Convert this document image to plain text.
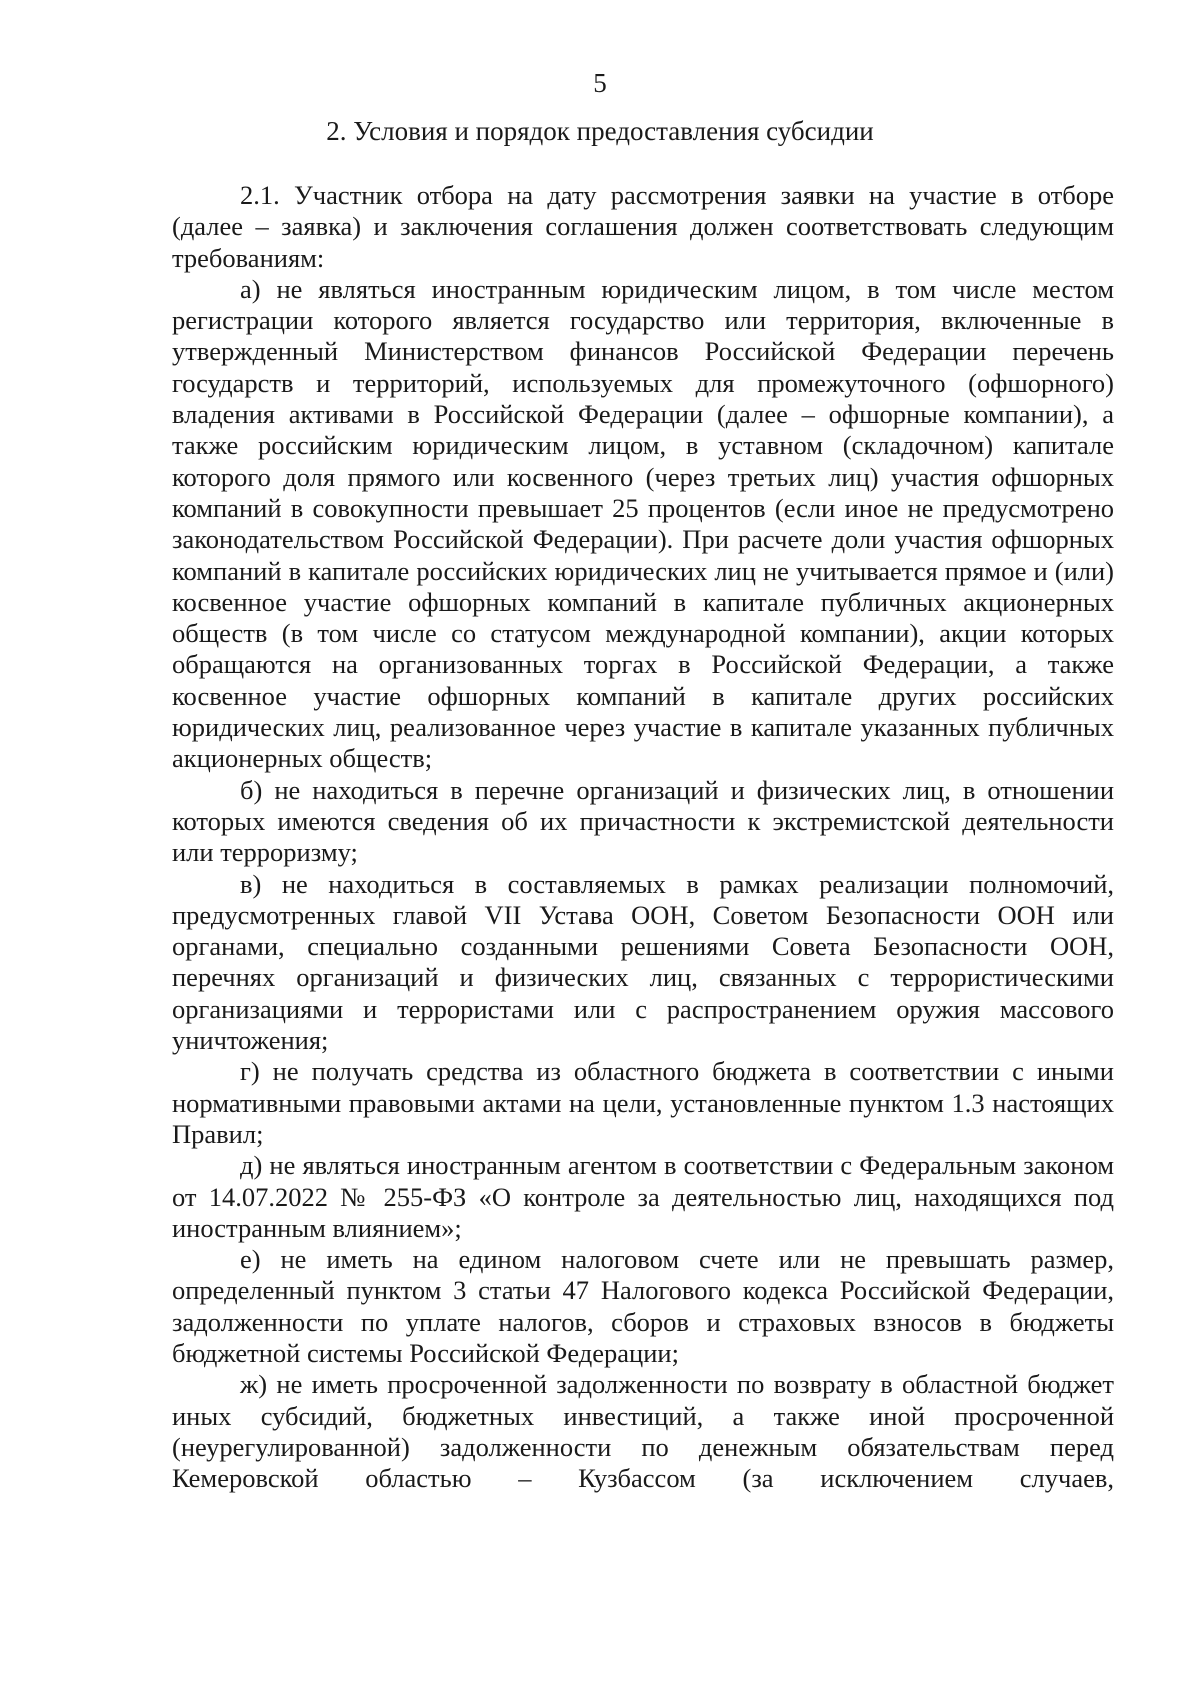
5
2. Условия и порядок предоставления субсидии

2.1. Участник отбора на дату рассмотрения заявки на участие в отборе (далее – заявка) и заключения соглашения должен соответствовать следующим требованиям:

а) не являться иностранным юридическим лицом, в том числе местом регистрации которого является государство или территория, включенные в утвержденный Министерством финансов Российской Федерации перечень государств и территорий, используемых для промежуточного (офшорного) владения активами в Российской Федерации (далее – офшорные компании), а также российским юридическим лицом, в уставном (складочном) капитале которого доля прямого или косвенного (через третьих лиц) участия офшорных компаний в совокупности превышает 25 процентов (если иное не предусмотрено законодательством Российской Федерации). При расчете доли участия офшорных компаний в капитале российских юридических лиц не учитывается прямое и (или) косвенное участие офшорных компаний в капитале публичных акционерных обществ (в том числе со статусом международной компании), акции которых обращаются на организованных торгах в Российской Федерации, а также косвенное участие офшорных компаний в капитале других российских юридических лиц, реализованное через участие в капитале указанных публичных акционерных обществ;

б) не находиться в перечне организаций и физических лиц, в отношении которых имеются сведения об их причастности к экстремистской деятельности или терроризму;

в) не находиться в составляемых в рамках реализации полномочий, предусмотренных главой VII Устава ООН, Советом Безопасности ООН или органами, специально созданными решениями Совета Безопасности ООН, перечнях организаций и физических лиц, связанных с террористическими организациями и террористами или с распространением оружия массового уничтожения;

г) не получать средства из областного бюджета в соответствии с иными нормативными правовыми актами на цели, установленные пунктом 1.3 настоящих Правил;

д) не являться иностранным агентом в соответствии с Федеральным законом от 14.07.2022 № 255-ФЗ «О контроле за деятельностью лиц, находящихся под иностранным влиянием»;

е) не иметь на едином налоговом счете или не превышать размер, определенный пунктом 3 статьи 47 Налогового кодекса Российской Федерации, задолженности по уплате налогов, сборов и страховых взносов в бюджеты бюджетной системы Российской Федерации;

ж) не иметь просроченной задолженности по возврату в областной бюджет иных субсидий, бюджетных инвестиций, а также иной просроченной (неурегулированной) задолженности по денежным обязательствам перед Кемеровской областью – Кузбассом (за исключением случаев,
